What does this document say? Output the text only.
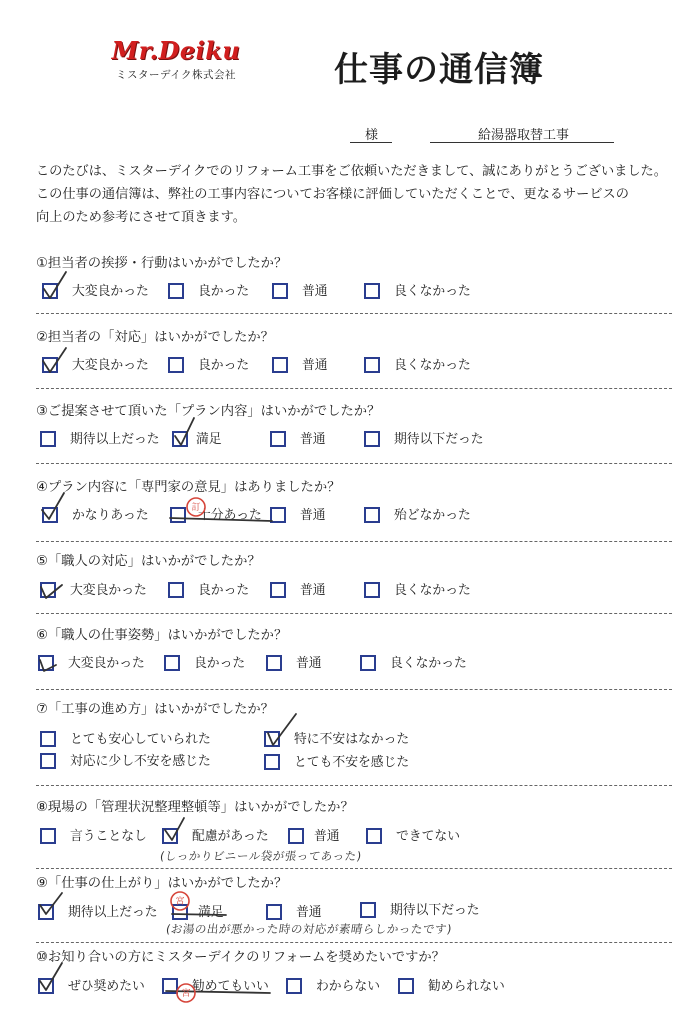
Mr.Deiku
ミスターデイク株式会社	仕事の通信簿
様	給湯器取替工事

このたびは、ミスターデイクでのリフォーム工事をご依頼いただきまして、誠にありがとうございました。

この仕事の通信簿は、弊社の工事内容についてお客様に評価していただくことで、更なるサービスの

向上のため参考にさせて頂きます。

①担当者の挨拶・行動はいかがでしたか？
大変良かった	良かった	普通	良くなかった
②担当者の「対応」はいかがでしたか？
大変良かった	良かった	普通	良くなかった
③ご提案させて頂いた「プラン内容」はいかがでしたか？
期待以上だった	満足	普通	期待以下だった
④プラン内容に「専門家の意見」はありましたか？
かなりあった	十分あった	普通	殆どなかった
⑤「職人の対応」はいかがでしたか？
大変良かった	良かった	普通	良くなかった
⑥「職人の仕事姿勢」はいかがでしたか？
大変良かった	良かった	普通	良くなかった
⑦「工事の進め方」はいかがでしたか？
とても安心していられた	特に不安はなかった
対応に少し不安を感じた	とても不安を感じた
⑧現場の「管理状況整理整頓等」はいかがでしたか？
言うことなし	配慮があった	普通	できてない
⑨「仕事の仕上がり」はいかがでしたか？
期待以上だった	満足	普通	期待以下だった
⑩お知り合いの方にミスターデイクのリフォームを奨めたいですか？
ぜひ奨めたい	勧めてもいい	わからない	勧められない
(しっかりビニール袋が張ってあった)
(お湯の出が悪かった時の対応が素晴らしかったです)
訂
宮
宮
